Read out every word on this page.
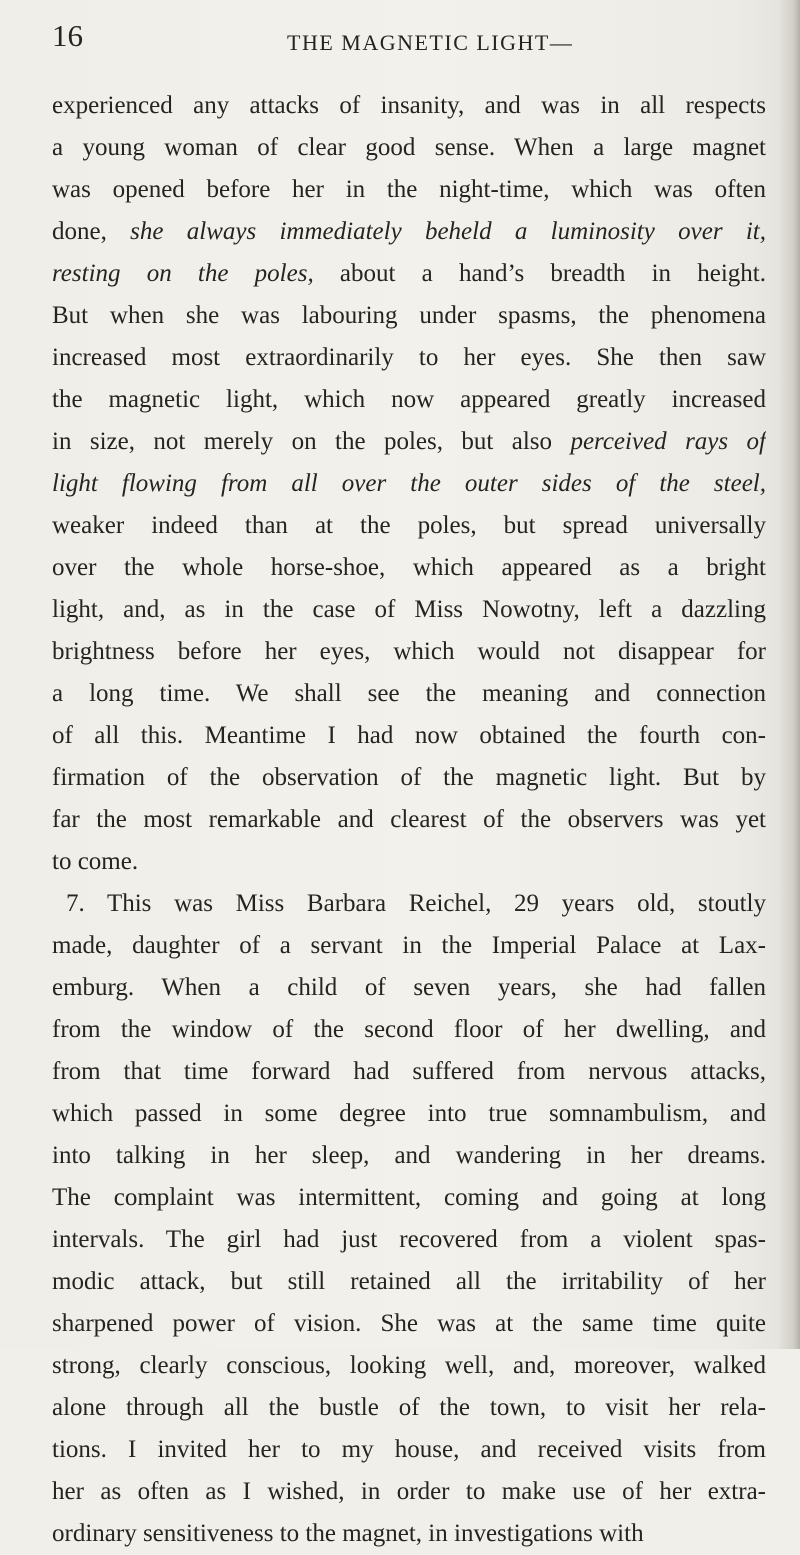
16	THE MAGNETIC LIGHT—
experienced any attacks of insanity, and was in all respects
a young woman of clear good sense. When a large magnet
was opened before her in the night-time, which was often
done, she always immediately beheld a luminosity over it,
resting on the poles, about a hand’s breadth in height.
But when she was labouring under spasms, the phenomena
increased most extraordinarily to her eyes. She then saw
the magnetic light, which now appeared greatly increased
in size, not merely on the poles, but also perceived rays of
light flowing from all over the outer sides of the steel,
weaker indeed than at the poles, but spread universally
over the whole horse-shoe, which appeared as a bright
light, and, as in the case of Miss Nowotny, left a dazzling
brightness before her eyes, which would not disappear for
a long time. We shall see the meaning and connection
of all this. Meantime I had now obtained the fourth con-
firmation of the observation of the magnetic light. But by
far the most remarkable and clearest of the observers was yet
to come.
7. This was Miss Barbara Reichel, 29 years old, stoutly
made, daughter of a servant in the Imperial Palace at Lax-
emburg. When a child of seven years, she had fallen
from the window of the second floor of her dwelling, and
from that time forward had suffered from nervous attacks,
which passed in some degree into true somnambulism, and
into talking in her sleep, and wandering in her dreams.
The complaint was intermittent, coming and going at long
intervals. The girl had just recovered from a violent spas-
modic attack, but still retained all the irritability of her
sharpened power of vision. She was at the same time quite
strong, clearly conscious, looking well, and, moreover, walked
alone through all the bustle of the town, to visit her rela-
tions. I invited her to my house, and received visits from
her as often as I wished, in order to make use of her extra-
ordinary sensitiveness to the magnet, in investigations with
